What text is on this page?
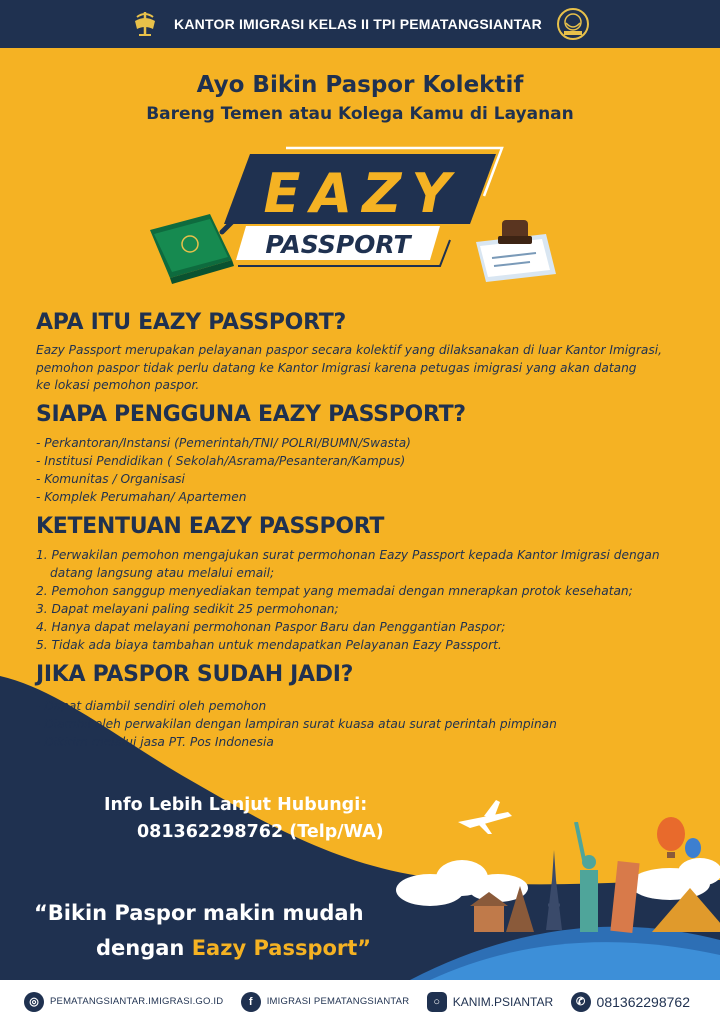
KANTOR IMIGRASI KELAS II TPI PEMATANGSIANTAR
Ayo Bikin Paspor Kolektif
Bareng Temen atau Kolega Kamu di Layanan
EAZY
PASSPORT
APA ITU EAZY PASSPORT?
Eazy Passport merupakan pelayanan paspor secara kolektif yang dilaksanakan di luar Kantor Imigrasi,
pemohon paspor tidak perlu datang ke Kantor Imigrasi karena petugas imigrasi yang akan datang
ke lokasi pemohon paspor.
SIAPA PENGGUNA EAZY PASSPORT?
- Perkantoran/Instansi (Pemerintah/TNI/ POLRI/BUMN/Swasta)
- Institusi Pendidikan ( Sekolah/Asrama/Pesanteran/Kampus)
- Komunitas / Organisasi
- Komplek Perumahan/ Apartemen
KETENTUAN EAZY PASSPORT
1. Perwakilan pemohon mengajukan surat permohonan Eazy Passport kepada Kantor Imigrasi dengan datang langsung atau melalui email;
2. Pemohon sanggup menyediakan tempat yang memadai dengan mnerapkan protok kesehatan;
3. Dapat melayani paling sedikit 25 permohonan;
4. Hanya dapat melayani permohonan Paspor Baru dan Penggantian Paspor;
5. Tidak ada biaya tambahan untuk mendapatkan Pelayanan Eazy Passport.
JIKA PASPOR SUDAH JADI?
- Dapat diambil sendiri oleh pemohon
- Diambil oleh perwakilan dengan lampiran surat kuasa atau surat perintah pimpinan
- Dikirim melalui jasa PT. Pos Indonesia
Info Lebih Lanjut Hubungi:
081362298762 (Telp/WA)
“Bikin Paspor makin mudah
dengan Eazy Passport”
◎	PEMATANGSIANTAR.IMIGRASI.GO.ID	f	IMIGRASI PEMATANGSIANTAR	○	KANIM.PSIANTAR	✆ 081362298762
